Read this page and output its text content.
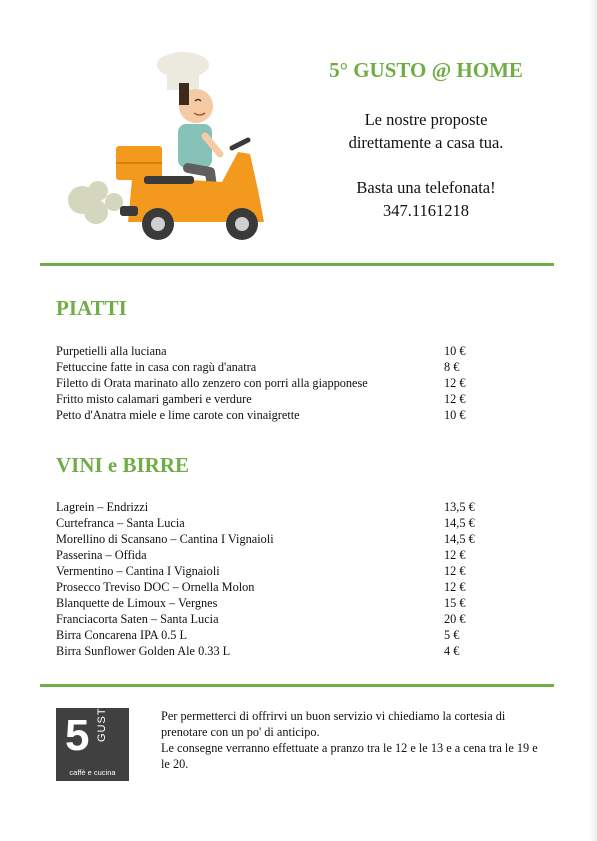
5° GUSTO @ HOME

Le nostre proposte

direttamente a casa tua.

Basta una telefonata!

347.1161218

PIATTI
Purpetielli alla luciana	10 €
Fettuccine fatte in casa con ragù d'anatra	8 €
Filetto di Orata marinato allo zenzero con porri alla giapponese	12 €
Fritto misto calamari gamberi e verdure	12 €
Petto d'Anatra miele e lime carote con vinaigrette	10 €
VINI e BIRRE
Lagrein – Endrizzi	13,5 €
Curtefranca – Santa Lucia	14,5 €
Morellino di Scansano – Cantina I Vignaioli	14,5 €
Passerina – Offida	12 €
Vermentino – Cantina I Vignaioli	12 €
Prosecco Treviso DOC – Ornella Molon	12 €
Blanquette de Limoux – Vergnes	15 €
Franciacorta Saten – Santa Lucia	20 €
Birra Concarena IPA 0.5 L	5 €
Birra Sunflower Golden Ale 0.33 L	4 €
5 GUSTO
caffè e cucina

Per permetterci di offrirvi un buon servizio vi chiediamo la cortesia di prenotare con un po' di anticipo.

Le consegne verranno effettuate a pranzo tra le 12 e le 13 e a cena tra le 19 e le 20.
